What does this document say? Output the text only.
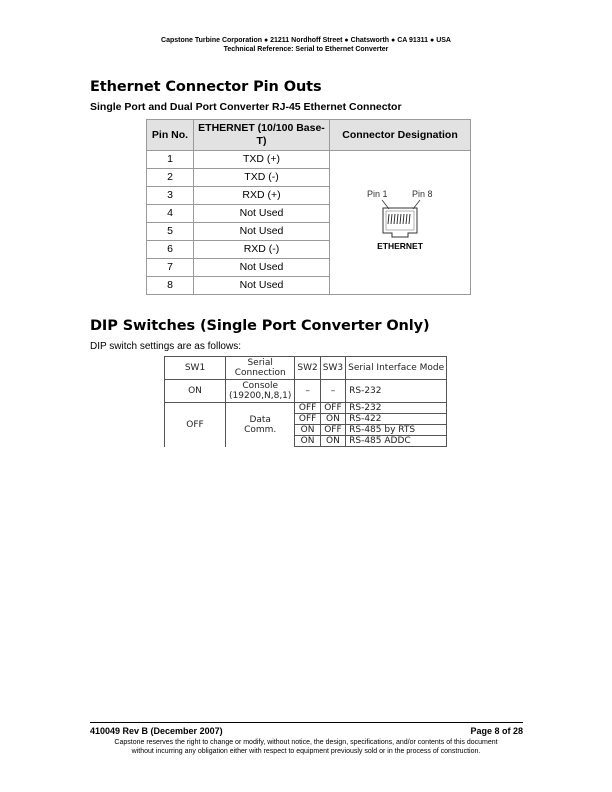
Capstone Turbine Corporation ● 21211 Nordhoff Street ● Chatsworth ● CA 91311 ● USA
Technical Reference: Serial to Ethernet Converter
Ethernet Connector Pin Outs
Single Port and Dual Port Converter RJ-45 Ethernet Connector
Pin No.	ETHERNET (10/100 Base-T)	Connector Designation
1	TXD (+)	Pin 1 Pin 8
ETHERNET

2	TXD (-)	
3	RXD (+)	
4	Not Used	
5	Not Used	
6	RXD (-)	
7	Not Used	
8	Not Used	
DIP Switches (Single Port Converter Only)
DIP switch settings are as follows:
SW1	Serial Connection	SW2	SW3	Serial Interface Mode
ON	Console (19200,N,8,1)	–	–	RS-232
OFF	Data Comm.	OFF	OFF	RS-232
		OFF	ON	RS-422
		ON	OFF	RS-485 by RTS
		ON	ON	RS-485 ADDC
410049 Rev B (December 2007)	Page 8 of 28
Capstone reserves the right to change or modify, without notice, the design, specifications, and/or contents of this document
without incurring any obligation either with respect to equipment previously sold or in the process of construction.
